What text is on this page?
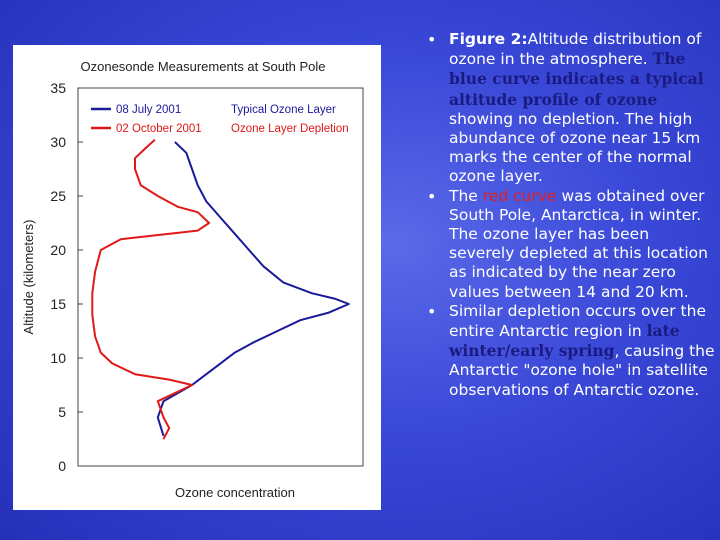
Ozonesonde Measurements at South Pole
Ozone concentration
Altitude (kilometers)
0
5
10
15
20
25
30
35
08 July 2001	Typical Ozone Layer
02 October 2001	Ozone Layer Depletion
• Figure 2:Altitude distribution of ozone in the atmosphere. The blue curve indicates a typical altitude profile of ozone showing no depletion. The high abundance of ozone near 15 km marks the center of the normal ozone layer.
• The red curve was obtained over South Pole, Antarctica, in winter. The ozone layer has been severely depleted at this location as indicated by the near zero values between 14 and 20 km.
• Similar depletion occurs over the entire Antarctic region in late winter/early spring, causing the Antarctic "ozone hole" in satellite observations of Antarctic ozone.
